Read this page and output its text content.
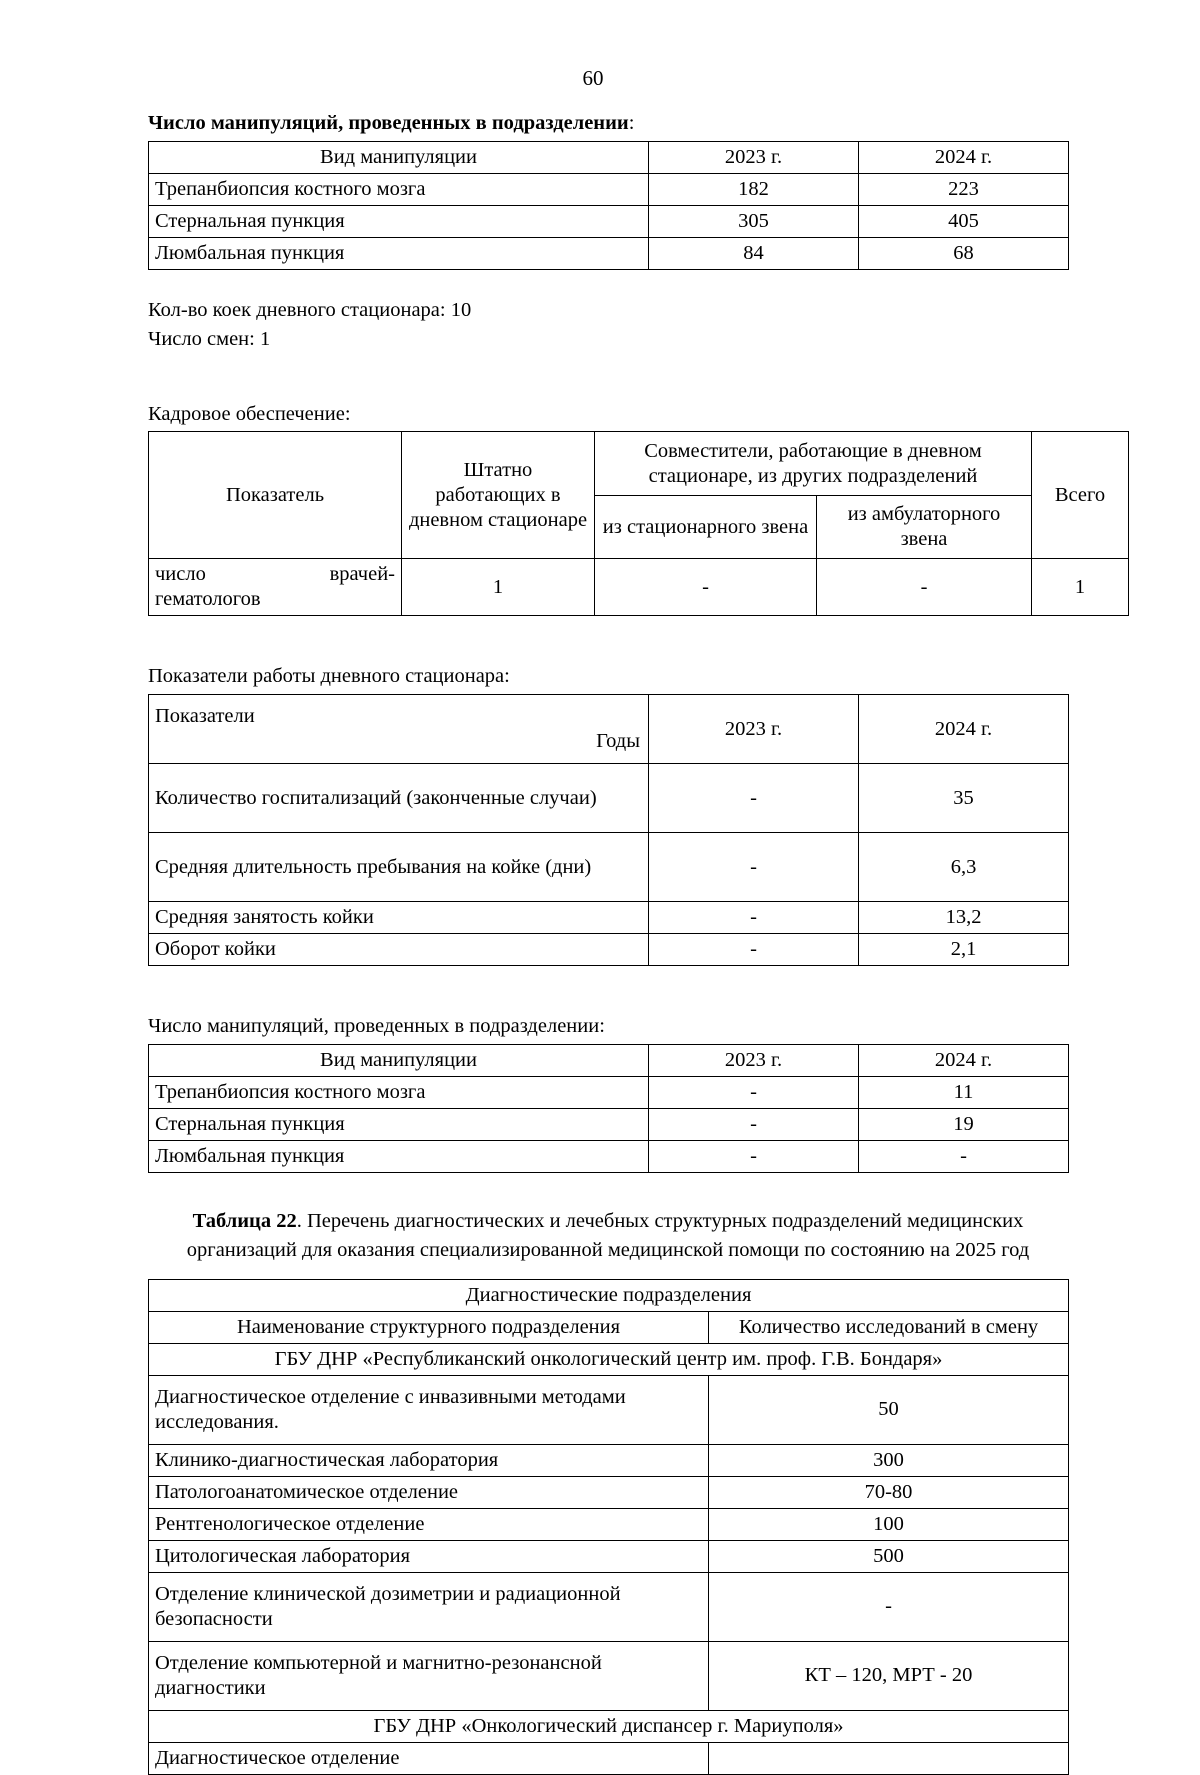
60
Число манипуляций, проведенных в подразделении:
Вид манипуляции	2023 г.	2024 г.
Трепанбиопсия костного мозга	182	223
Стернальная пункция	305	405
Люмбальная пункция	84	68
Кол-во коек дневного стационара: 10
Число смен: 1
Кадровое обеспечение:
Показатель	Штатно работающих в дневном стационаре	Совместители, работающие в дневном стационаре, из других подразделений		Всего
		из стационарного звена	из амбулаторного звена	

число врачей-
гематологов	1	-	-	1
Показатели работы дневного стационара:
Показатели
Годы	2023 г.	2024 г.
Количество госпитализаций (законченные случаи)	-	35
Средняя длительность пребывания на койке (дни)	-	6,3
Средняя занятость койки	-	13,2
Оборот койки	-	2,1
Число манипуляций, проведенных в подразделении:
Вид манипуляции	2023 г.	2024 г.
Трепанбиопсия костного мозга	-	11
Стернальная пункция	-	19
Люмбальная пункция	-	-
Таблица 22. Перечень диагностических и лечебных структурных подразделений медицинских организаций для оказания специализированной медицинской помощи по состоянию на 2025 год
Диагностические подразделения	
Наименование структурного подразделения	Количество исследований в смену
ГБУ ДНР «Республиканский онкологический центр им. проф. Г.В. Бондаря»	
Диагностическое отделение с инвазивными методами исследования.	50
Клинико-диагностическая лаборатория	300
Патологоанатомическое отделение	70-80
Рентгенологическое отделение	100
Цитологическая лаборатория	500
Отделение клинической дозиметрии и радиационной безопасности	-
Отделение компьютерной и магнитно-резонансной диагностики	КТ – 120, МРТ - 20
ГБУ ДНР «Онкологический диспансер г. Мариуполя»	
Диагностическое отделение	
